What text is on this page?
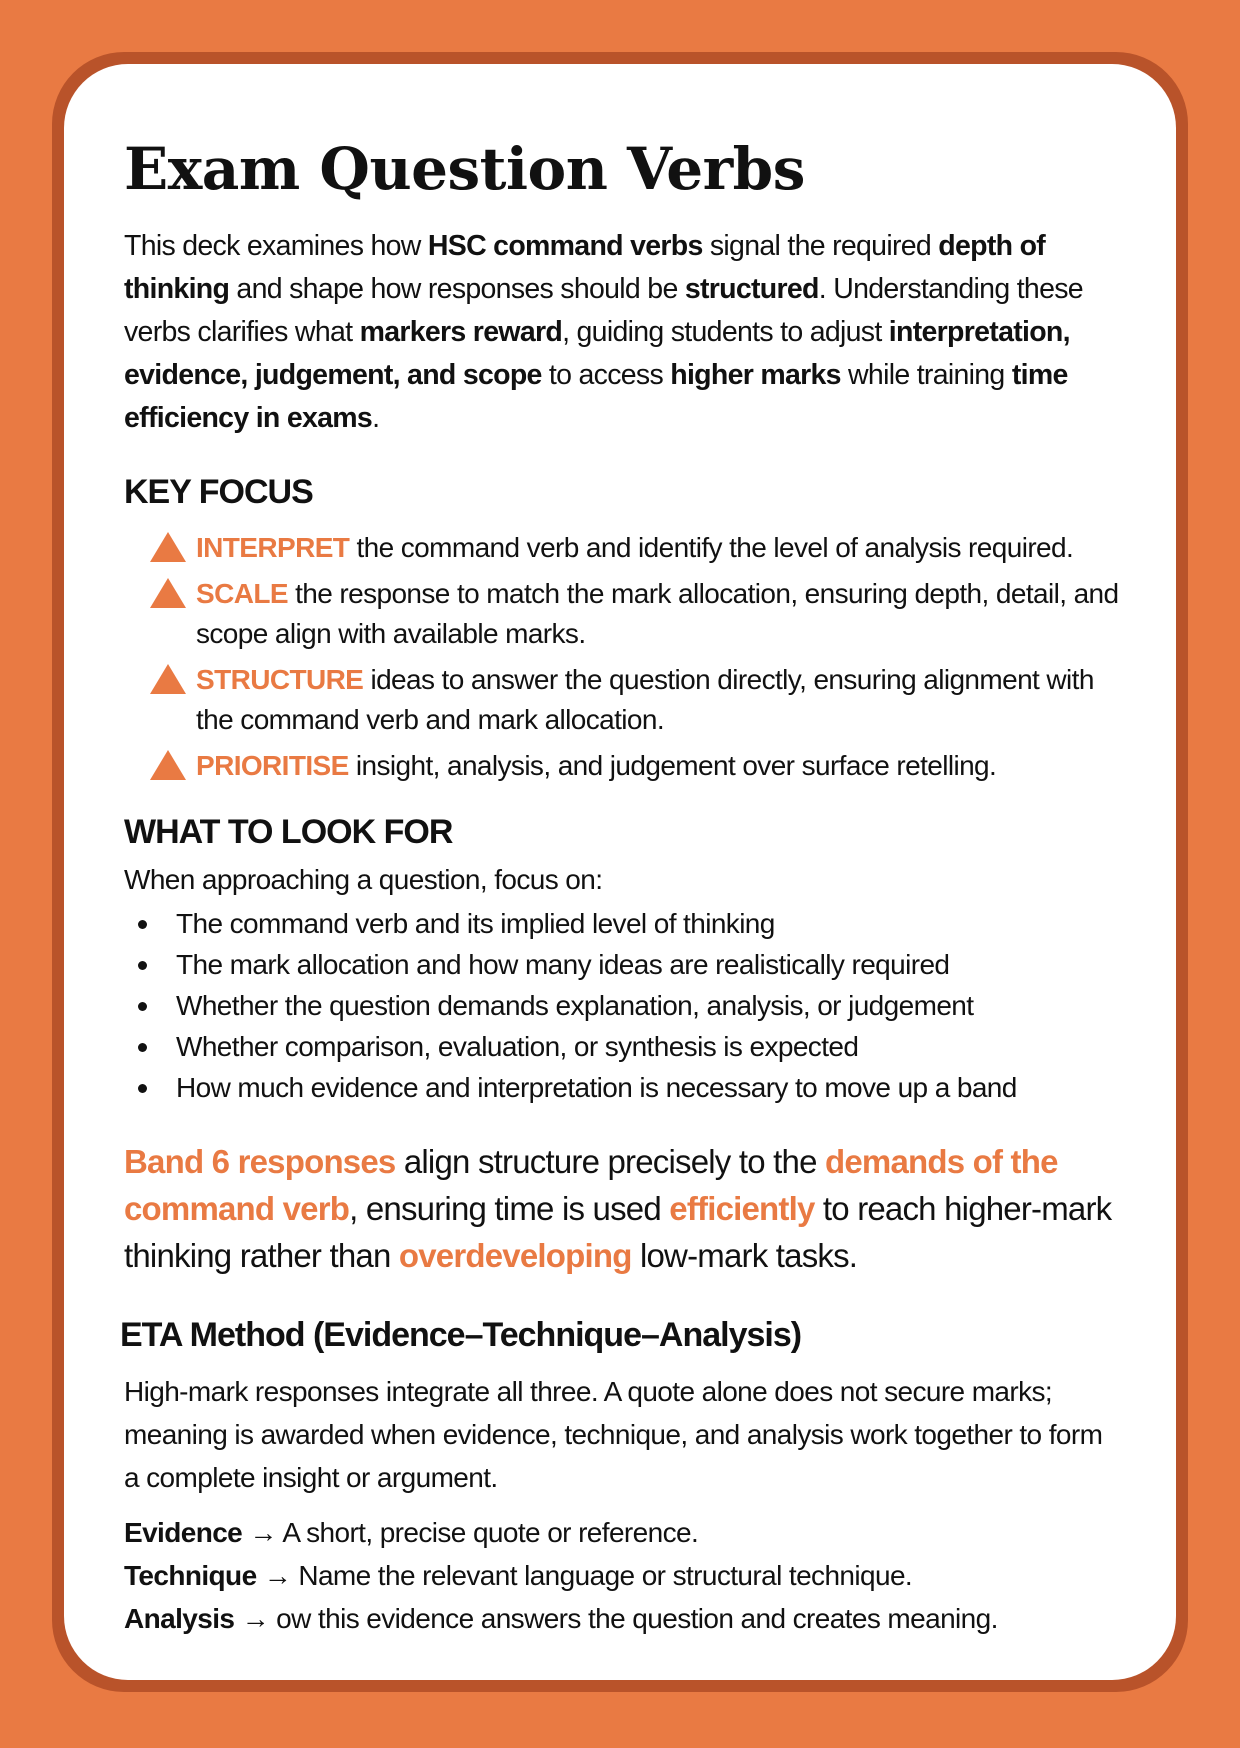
Exam Question Verbs

This deck examines how HSC command verbs signal the required depth of thinking and shape how responses should be structured. Understanding these verbs clarifies what markers reward, guiding students to adjust interpretation, evidence, judgement, and scope to access higher marks while training time efficiency in exams.

KEY FOCUS
INTERPRET the command verb and identify the level of analysis required.
SCALE the response to match the mark allocation, ensuring depth, detail, and scope align with available marks.
STRUCTURE ideas to answer the question directly, ensuring alignment with the command verb and mark allocation.
PRIORITISE insight, analysis, and judgement over surface retelling.
WHAT TO LOOK FOR

When approaching a question, focus on:

The command verb and its implied level of thinking
The mark allocation and how many ideas are realistically required
Whether the question demands explanation, analysis, or judgement
Whether comparison, evaluation, or synthesis is expected
How much evidence and interpretation is necessary to move up a band

Band 6 responses align structure precisely to the demands of the command verb, ensuring time is used efficiently to reach higher-mark thinking rather than overdeveloping low-mark tasks.

ETA Method (Evidence–Technique–Analysis)

High-mark responses integrate all three. A quote alone does not secure marks; meaning is awarded when evidence, technique, and analysis work together to form a complete insight or argument.

Evidence → A short, precise quote or reference.
Technique → Name the relevant language or structural technique.
Analysis → ow this evidence answers the question and creates meaning.
